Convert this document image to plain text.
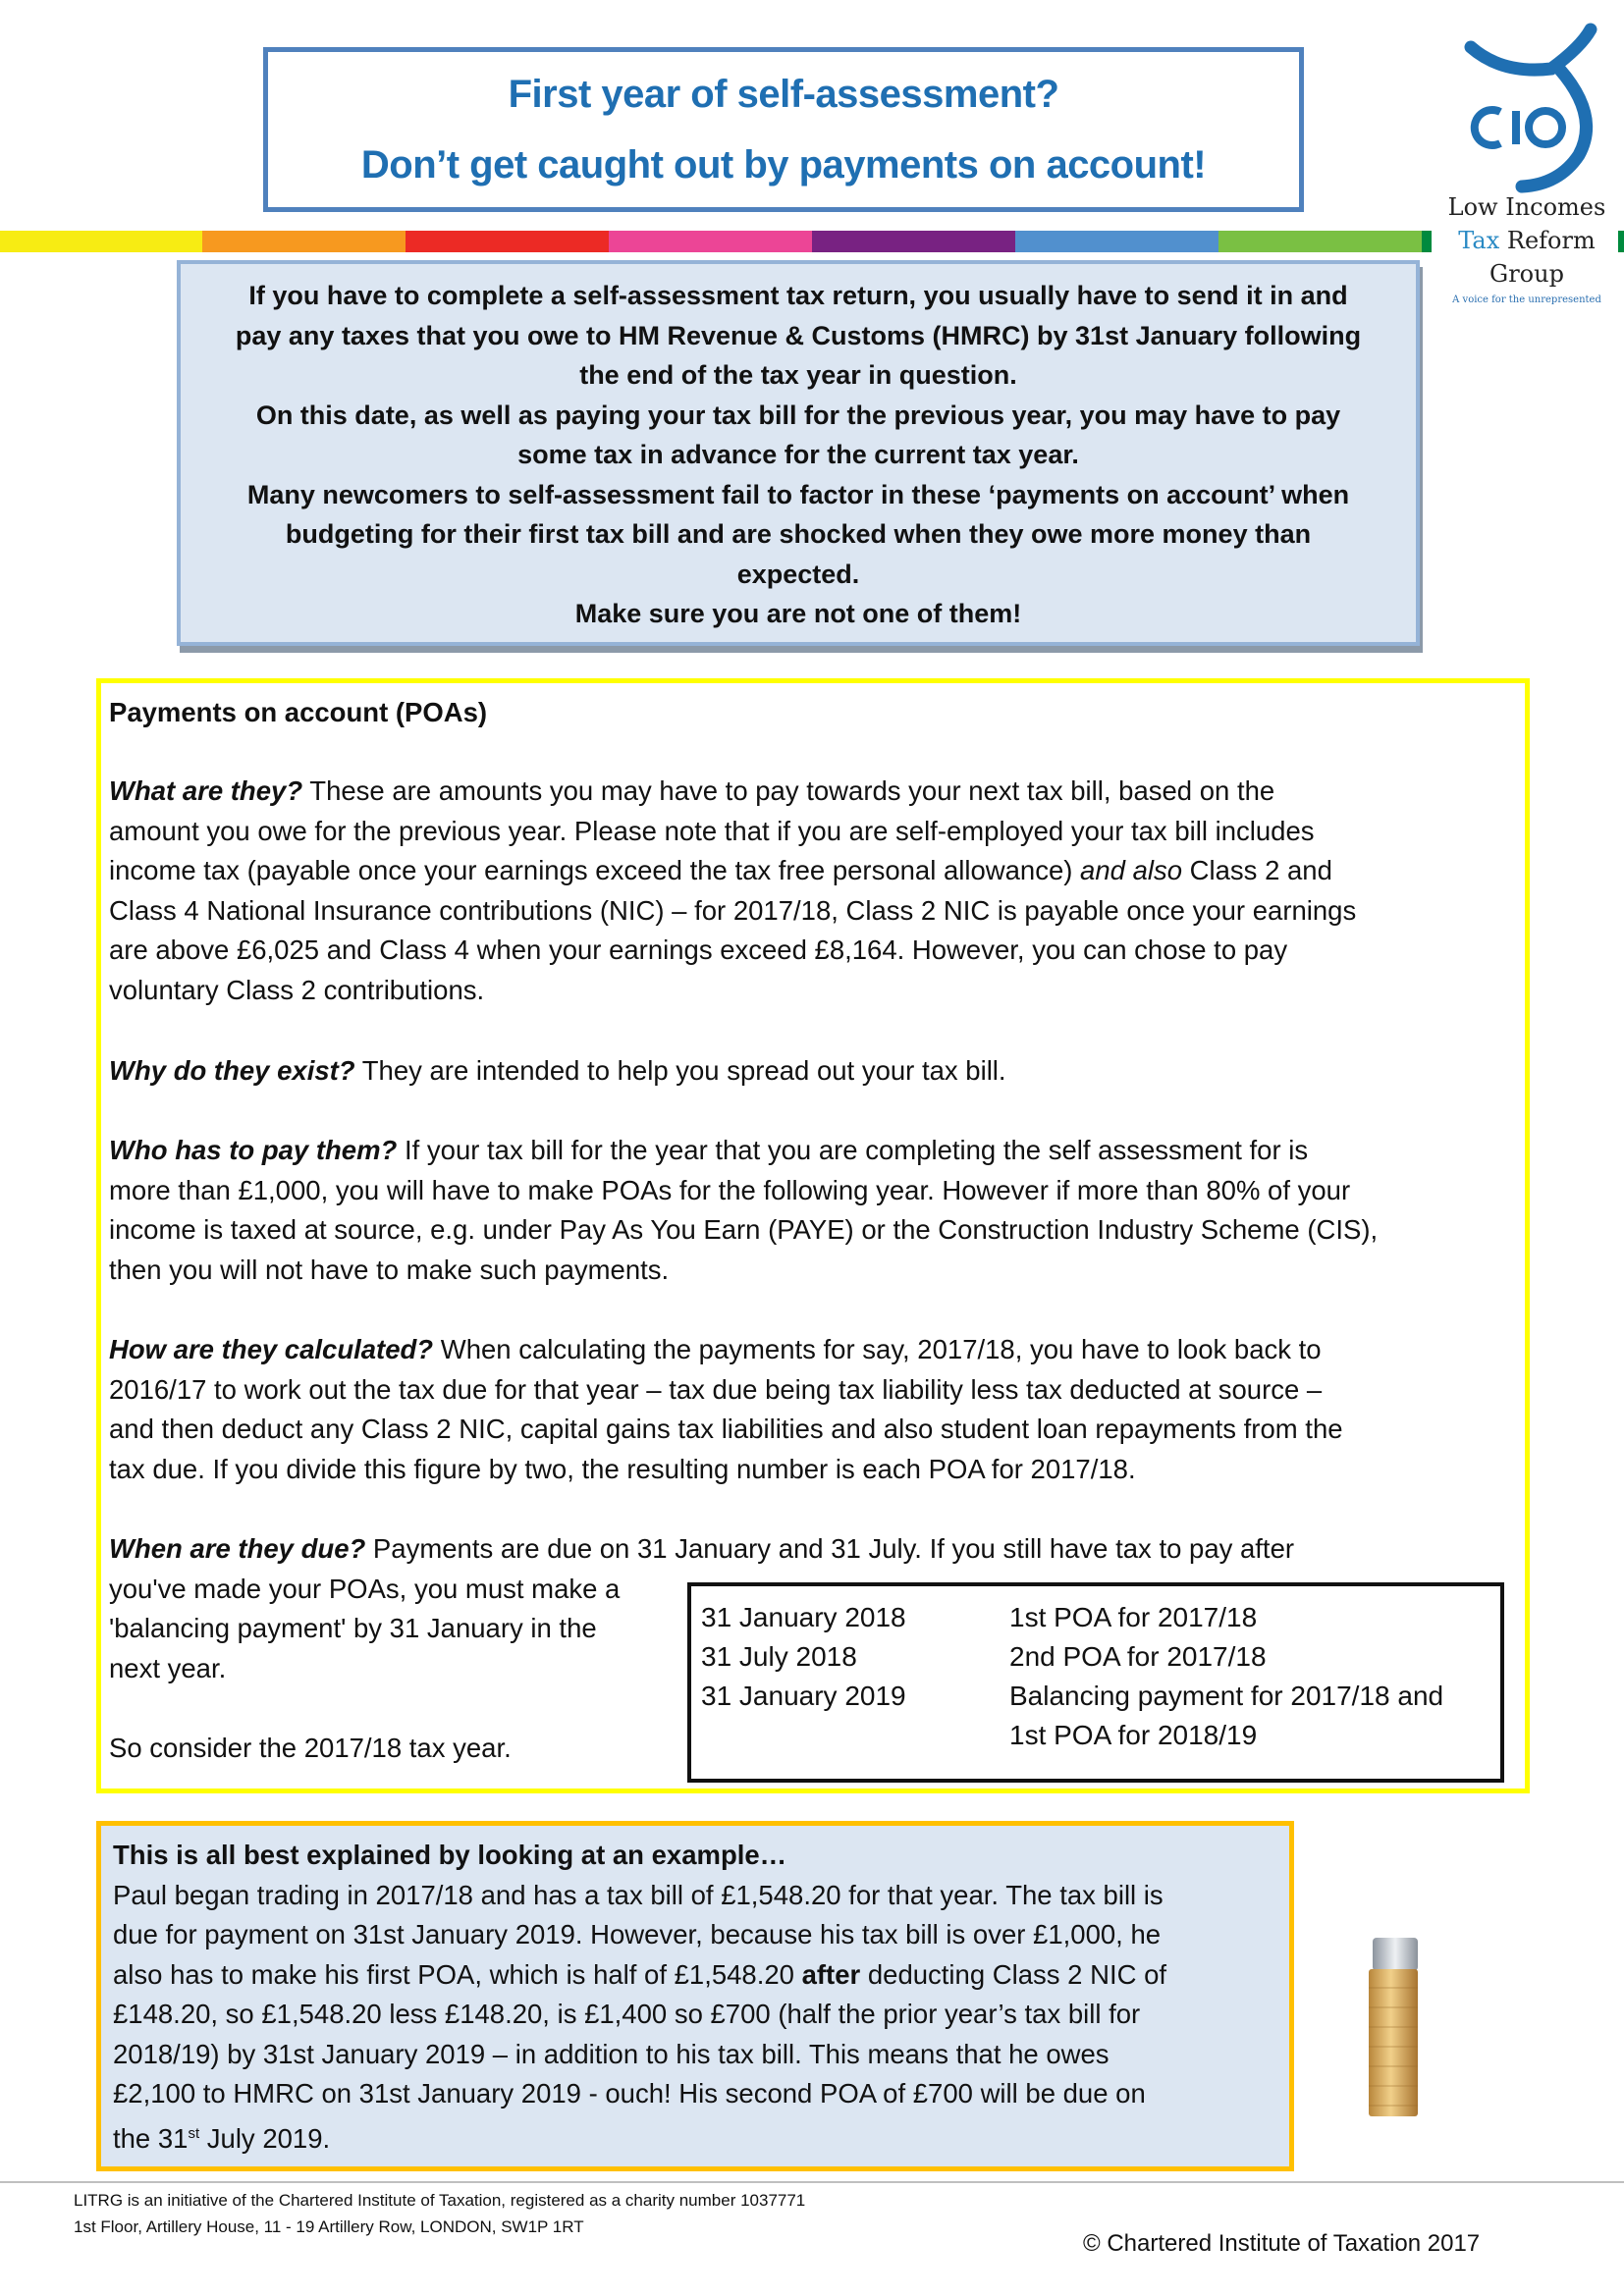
First year of self-assessment?
Don’t get caught out by payments on account!
Low Incomes
Tax Reform
Group
A voice for the unrepresented
If you have to complete a self-assessment tax return, you usually have to send it in and
pay any taxes that you owe to HM Revenue & Customs (HMRC) by 31st January following
the end of the tax year in question.
On this date, as well as paying your tax bill for the previous year, you may have to pay
some tax in advance for the current tax year.
Many newcomers to self-assessment fail to factor in these ‘payments on account’ when
budgeting for their first tax bill and are shocked when they owe more money than
expected.
Make sure you are not one of them!
Payments on account (POAs)
What are they? These are amounts you may have to pay towards your next tax bill, based on the
amount you owe for the previous year. Please note that if you are self-employed your tax bill includes
income tax (payable once your earnings exceed the tax free personal allowance) and also Class 2 and
Class 4 National Insurance contributions (NIC) – for 2017/18, Class 2 NIC is payable once your earnings
are above £6,025 and Class 4 when your earnings exceed £8,164. However, you can chose to pay
voluntary Class 2 contributions.
Why do they exist? They are intended to help you spread out your tax bill.
Who has to pay them? If your tax bill for the year that you are completing the self assessment for is
more than £1,000, you will have to make POAs for the following year. However if more than 80% of your
income is taxed at source, e.g. under Pay As You Earn (PAYE) or the Construction Industry Scheme (CIS),
then you will not have to make such payments.
How are they calculated? When calculating the payments for say, 2017/18, you have to look back to
2016/17 to work out the tax due for that year – tax due being tax liability less tax deducted at source –
and then deduct any Class 2 NIC, capital gains tax liabilities and also student loan repayments from the
tax due. If you divide this figure by two, the resulting number is each POA for 2017/18.
When are they due? Payments are due on 31 January and 31 July. If you still have tax to pay after
you've made your POAs, you must make a
'balancing payment' by 31 January in the
next year.

So consider the 2017/18 tax year.
31 January 2018	1st POA for 2017/18
31 July 2018	2nd POA for 2017/18
31 January 2019	Balancing payment for 2017/18 and
1st POA for 2018/19
This is all best explained by looking at an example…
Paul began trading in 2017/18 and has a tax bill of £1,548.20 for that year. The tax bill is
due for payment on 31st January 2019. However, because his tax bill is over £1,000, he
also has to make his first POA, which is half of £1,548.20 after deducting Class 2 NIC of
£148.20, so £1,548.20 less £148.20, is £1,400 so £700 (half the prior year’s tax bill for
2018/19) by 31st January 2019 – in addition to his tax bill. This means that he owes
£2,100 to HMRC on 31st January 2019 - ouch! His second POA of £700 will be due on
the 31st July 2019.
LITRG is an initiative of the Chartered Institute of Taxation, registered as a charity number 1037771
1st Floor, Artillery House, 11 - 19 Artillery Row, LONDON, SW1P 1RT
© Chartered Institute of Taxation 2017
